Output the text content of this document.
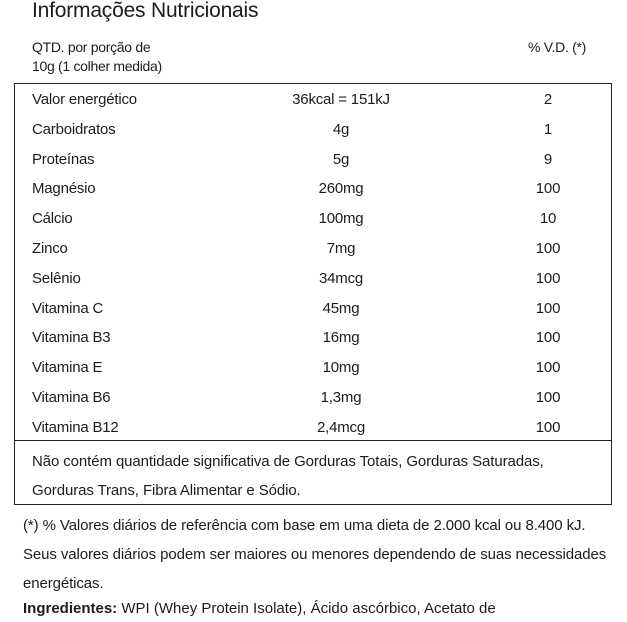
Informações Nutricionais
QTD. por porção de
10g (1 colher medida)
% V.D. (*)
Valor energético	36kcal = 151kJ	2
Carboidratos	4g	1
Proteínas	5g	9
Magnésio	260mg	100
Cálcio	100mg	10
Zinco	7mg	100
Selênio	34mcg	100
Vitamina C	45mg	100
Vitamina B3	16mg	100
Vitamina E	10mg	100
Vitamina B6	1,3mg	100
Vitamina B12	2,4mcg	100
Não contém quantidade significativa de Gorduras Totais, Gorduras Saturadas, Gorduras Trans, Fibra Alimentar e Sódio.
(*) % Valores diários de referência com base em uma dieta de 2.000 kcal ou 8.400 kJ. Seus valores diários podem ser maiores ou menores dependendo de suas necessidades energéticas.
Ingredientes: WPI (Whey Protein Isolate), Ácido ascórbico, Acetato de
